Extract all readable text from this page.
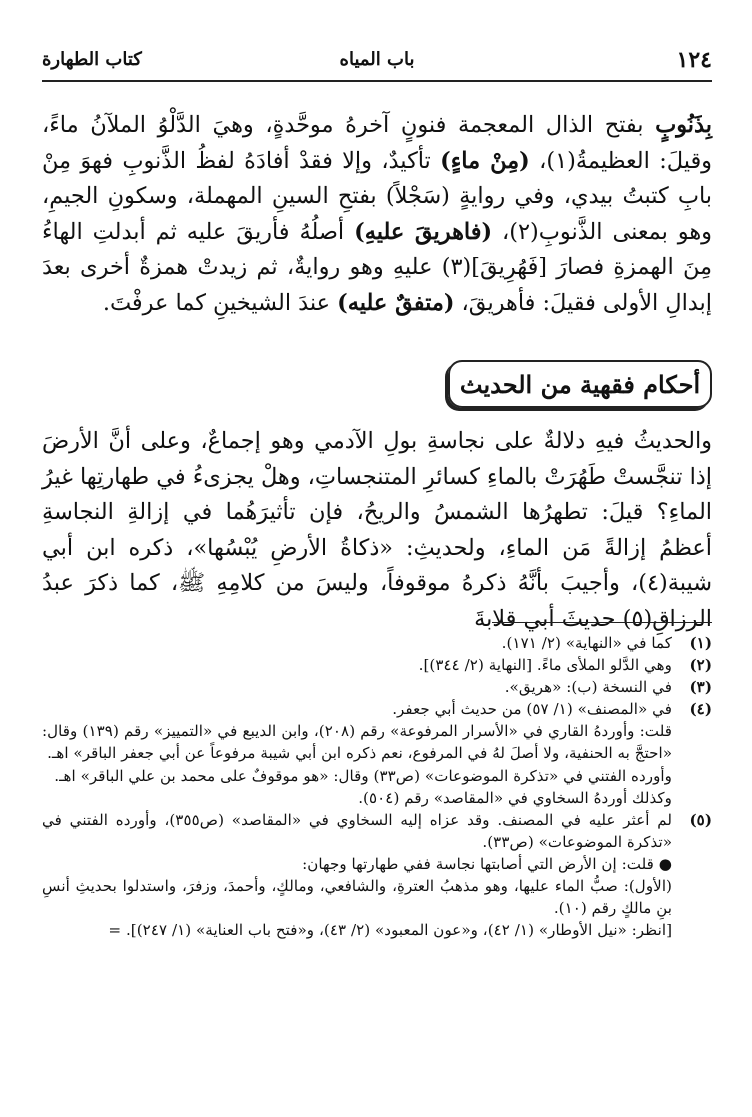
١٢٤
باب المياه
كتاب الطهارة

بِذَنُوبٍ بفتح الذال المعجمة فنونٍ آخرهُ موحَّدةٍ، وهيَ الدَّلْوُ الملآنُ ماءً، وقيلَ: العظيمةُ(١)، (مِنْ ماءٍ) تأكيدٌ، وإلا فقدْ أفادَهُ لفظُ الذَّنوبِ فهوَ مِنْ بابِ كتبتُ بيدي، وفي روايةٍ (سَجْلاً) بفتحِ السينِ المهملة، وسكونِ الجيمِ، وهو بمعنى الذَّنوبِ(٢)، (فاهريقَ عليهِ) أصلُهُ فأريقَ عليه ثم أبدلتِ الهاءُ مِنَ الهمزةِ فصارَ [فَهُرِيقَ](٣) عليهِ وهو روايةٌ، ثم زيدتْ همزةٌ أخرى بعدَ إبدالِ الأولى فقيلَ: فأهريقَ، (متفقٌ عليه) عندَ الشيخينِ كما عرفْتَ.

أحكام فقهية من الحديث

والحديثُ فيهِ دلالةٌ على نجاسةِ بولِ الآدمي وهو إجماعٌ، وعلى أنَّ الأرضَ إذا تنجَّستْ طَهُرَتْ بالماءِ كسائرِ المتنجساتِ، وهلْ يجزىءُ في طهارتِها غيرُ الماءِ؟ قيلَ: تطهرُها الشمسُ والريحُ، فإن تأثيرَهُما في إزالةِ النجاسةِ أعظمُ إزالةً مَن الماءِ، ولحديثِ: «ذكاةُ الأرضِ يُبْسُها»، ذكره ابن أبي شيبة(٤)، وأجيبَ بأنَّهُ ذكرهُ موقوفاً، وليسَ من كلامِهِ ﷺ، كما ذكرَ عبدُ الرزاقِ(٥) حديثَ أبي قلابةَ

(١)
كما في «النهاية» (٢/ ١٧١).

(٢)
وهي الدَّلو الملأى ماءً. [النهاية (٢/ ٣٤٤)].

(٣)
في النسخة (ب): «هريق».

(٤)
في «المصنف» (١/ ٥٧) من حديث أبي جعفر.

قلت: وأوردهُ القاري في «الأسرار المرفوعة» رقم (٢٠٨)، وابن الديبع في «التمييز» رقم (١٣٩) وقال: «احتجَّ به الحنفية، ولا أصلَ لهُ في المرفوع، نعم ذكره ابن أبي شيبة مرفوعاً عن أبي جعفر الباقر» اهـ.

وأورده الفتني في «تذكرة الموضوعات» (ص٣٣) وقال: «هو موقوفٌ على محمد بن علي الباقر» اهـ.

وكذلك أوردهُ السخاوي في «المقاصد» رقم (٥٠٤).

(٥)
لم أعثر عليه في المصنف. وقد عزاه إليه السخاوي في «المقاصد» (ص٣٥٥)، وأورده الفتني في «تذكرة الموضوعات» (ص٣٣).

● قلت: إن الأرض التي أصابتها نجاسة ففي طهارتها وجهان:

(الأول): صبُّ الماء عليها، وهو مذهبُ العترةِ، والشافعي، ومالكٍ، وأحمدَ، وزفرَ، واستدلوا بحديثِ أنسِ بنِ مالكٍ رقم (١٠).

[انظر: «نيل الأوطار» (١/ ٤٢)، و«عون المعبود» (٢/ ٤٣)، و«فتح باب العناية» (١/ ٢٤٧)]. =
